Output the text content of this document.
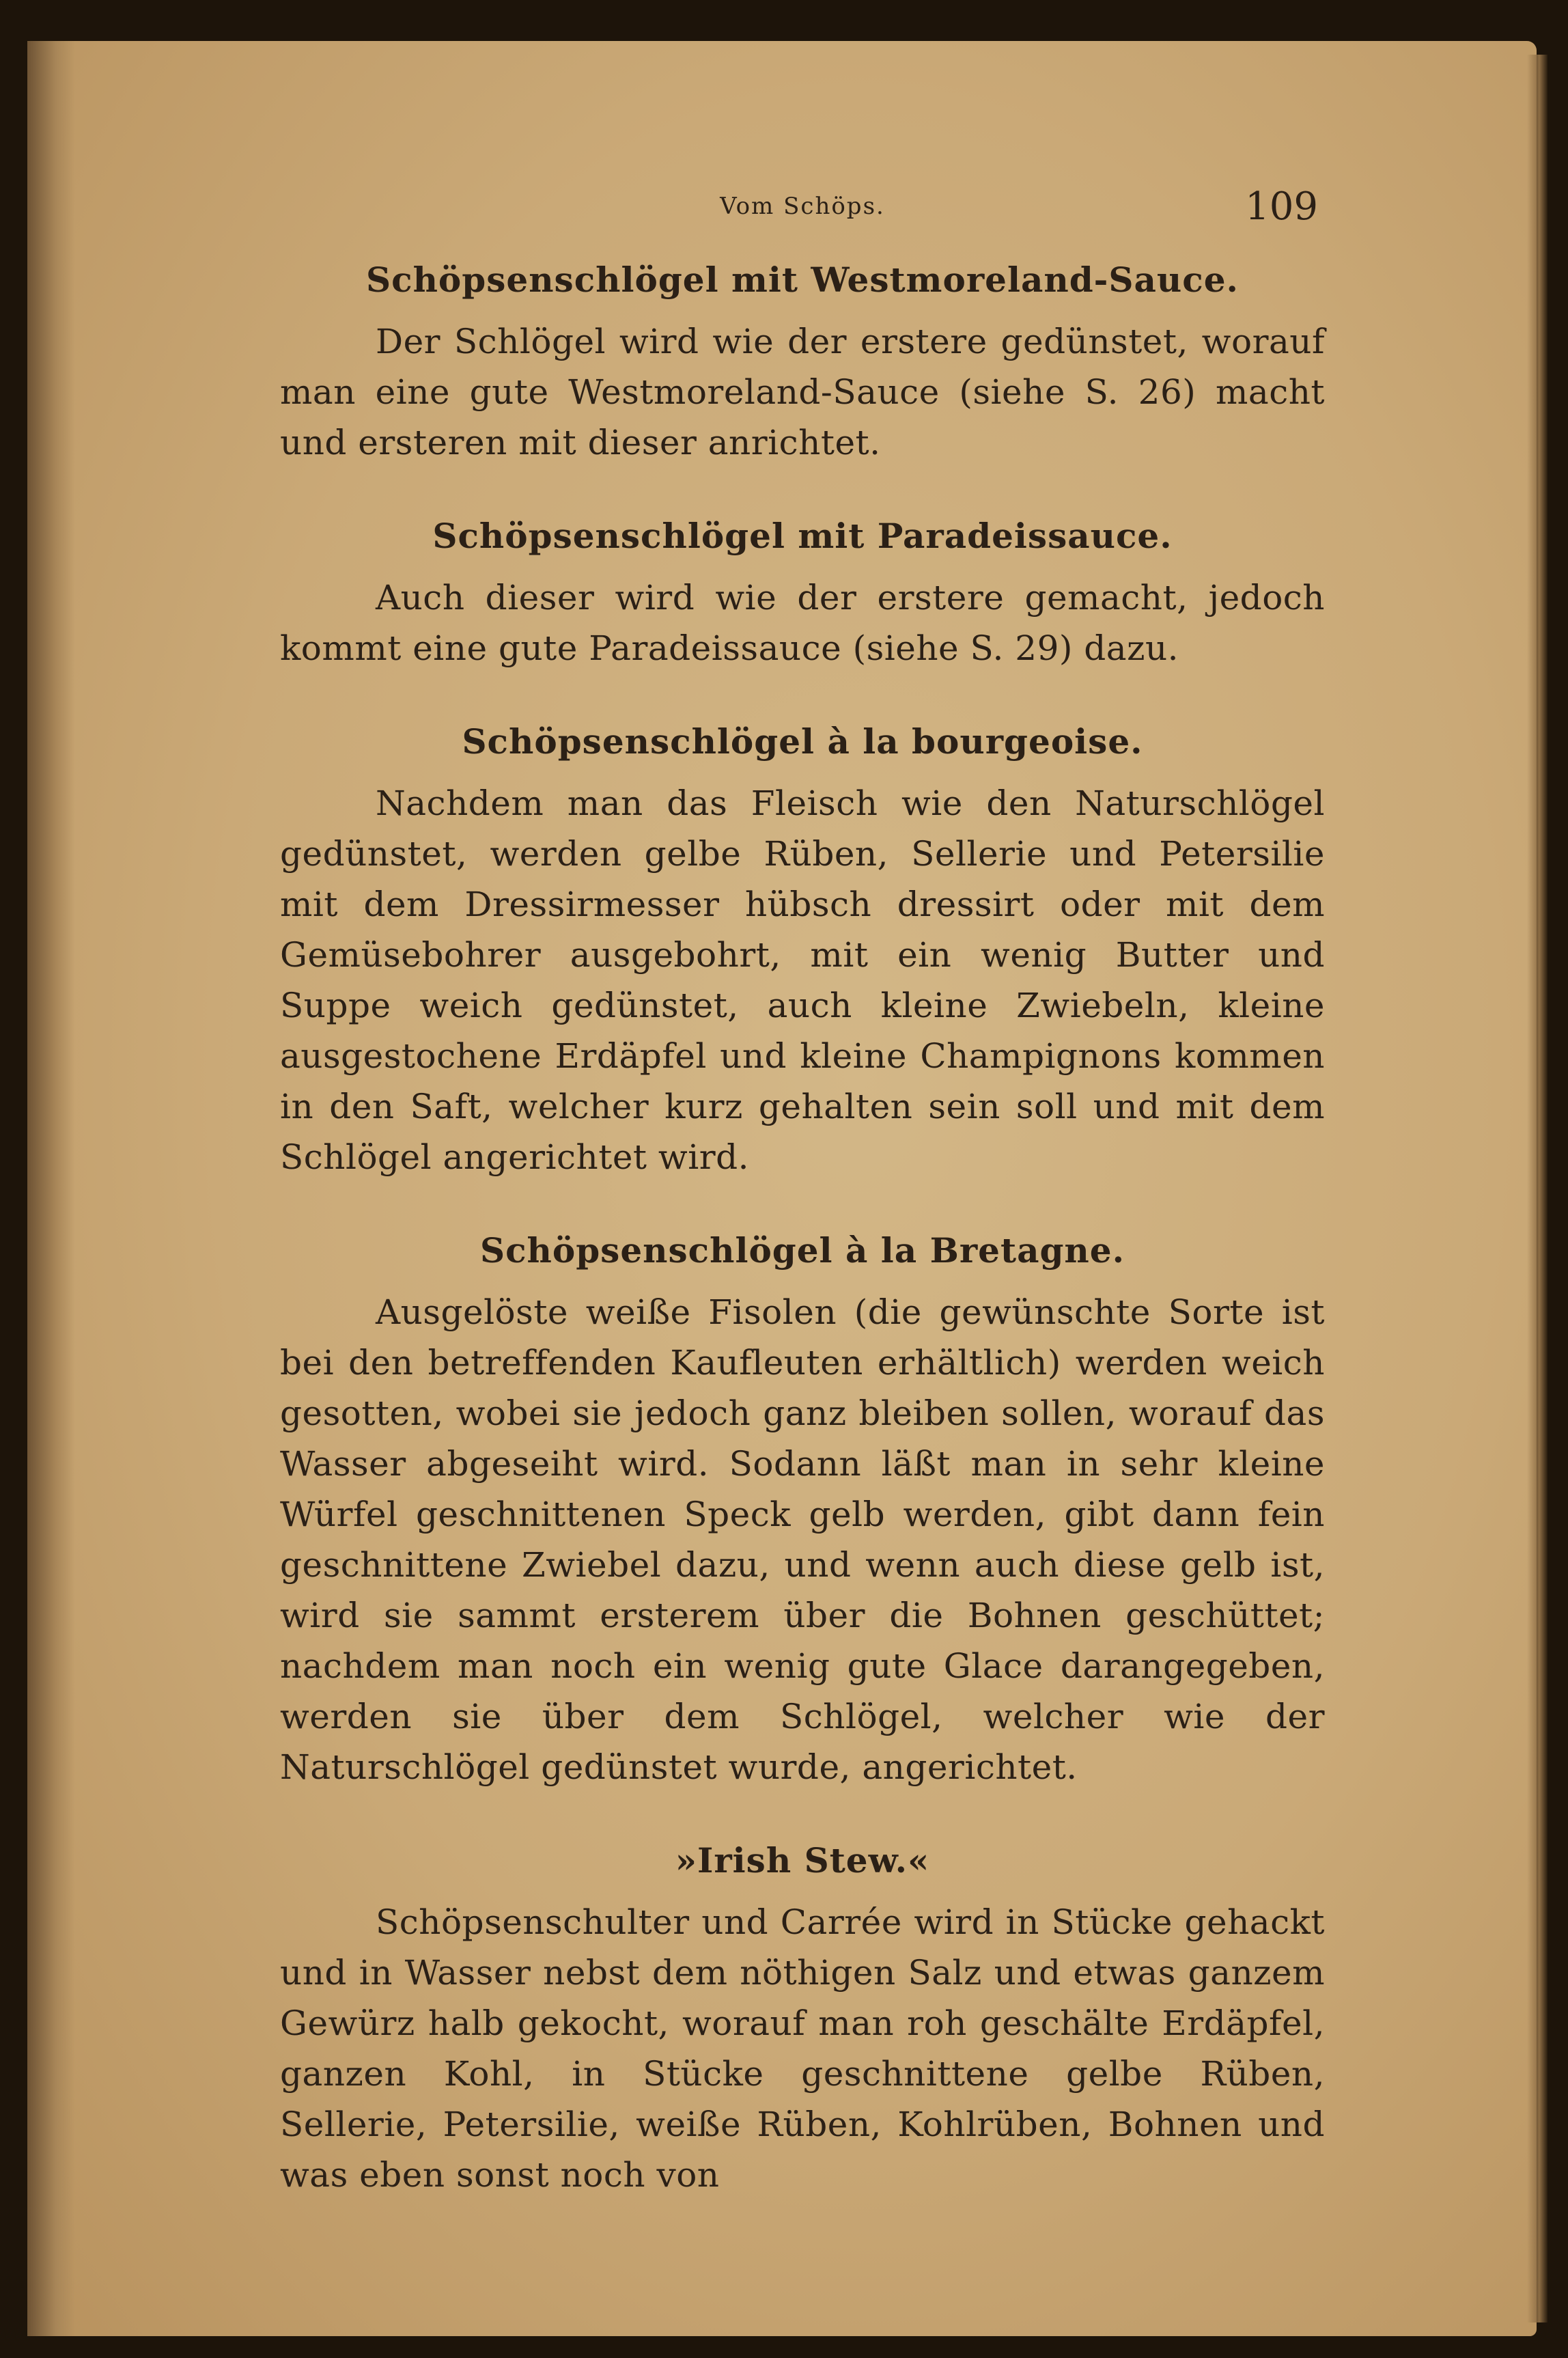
Vom Schöps.	109
Schöpsenschlögel mit Westmoreland-Sauce.

Der Schlögel wird wie der erstere gedünstet, worauf man eine gute Westmoreland-Sauce (siehe S. 26) macht und ersteren mit dieser anrichtet.

Schöpsenschlögel mit Paradeissauce.

Auch dieser wird wie der erstere gemacht, jedoch kommt eine gute Paradeissauce (siehe S. 29) dazu.

Schöpsenschlögel à la bourgeoise.

Nachdem man das Fleisch wie den Naturschlögel gedünstet, werden gelbe Rüben, Sellerie und Petersilie mit dem Dressirmesser hübsch dressirt oder mit dem Gemüsebohrer ausgebohrt, mit ein wenig Butter und Suppe weich gedünstet, auch kleine Zwiebeln, kleine ausgestochene Erdäpfel und kleine Champignons kommen in den Saft, welcher kurz gehalten sein soll und mit dem Schlögel angerichtet wird.

Schöpsenschlögel à la Bretagne.

Ausgelöste weiße Fisolen (die gewünschte Sorte ist bei den betreffenden Kaufleuten erhältlich) werden weich gesotten, wobei sie jedoch ganz bleiben sollen, worauf das Wasser abgeseiht wird. Sodann läßt man in sehr kleine Würfel geschnittenen Speck gelb werden, gibt dann fein geschnittene Zwiebel dazu, und wenn auch diese gelb ist, wird sie sammt ersterem über die Bohnen geschüttet; nachdem man noch ein wenig gute Glace darangegeben, werden sie über dem Schlögel, welcher wie der Naturschlögel gedünstet wurde, angerichtet.

»Irish Stew.«

Schöpsenschulter und Carrée wird in Stücke gehackt und in Wasser nebst dem nöthigen Salz und etwas ganzem Gewürz halb gekocht, worauf man roh geschälte Erdäpfel, ganzen Kohl, in Stücke geschnittene gelbe Rüben, Sellerie, Petersilie, weiße Rüben, Kohlrüben, Bohnen und was eben sonst noch von
